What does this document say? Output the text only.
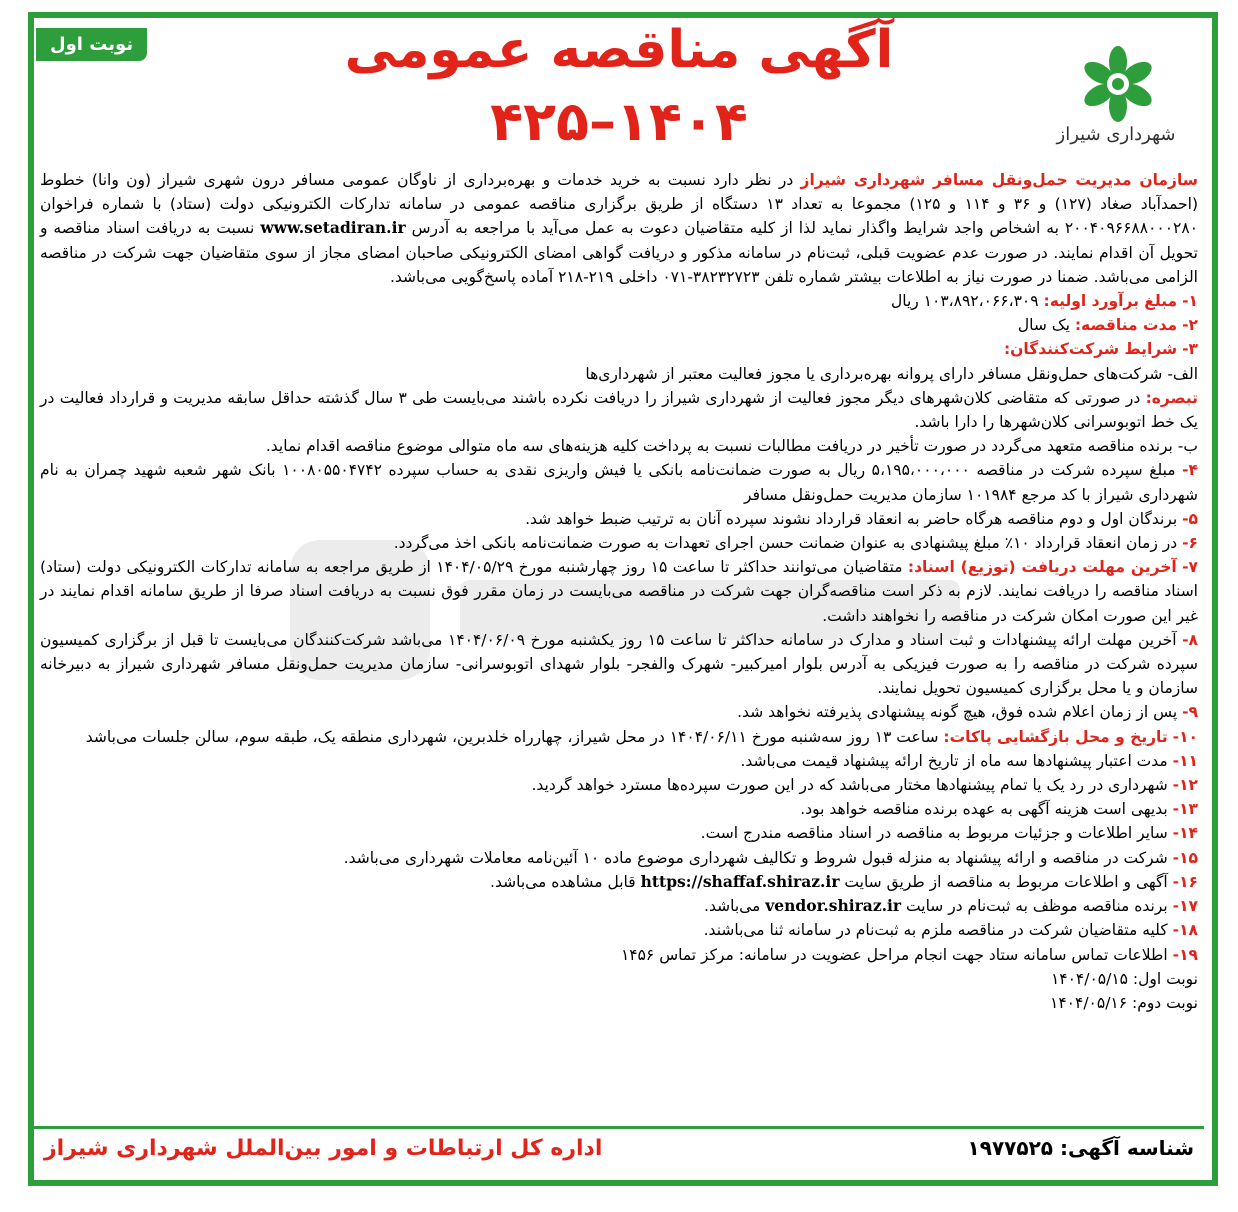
نوبت اول
شهرداری شیراز
آگهی مناقصه عمومی
۴۲۵–۱۴۰۴

سازمان مدیریت حمل‌ونقل مسافر شهرداری شیراز در نظر دارد نسبت به خرید خدمات و بهره‌برداری از ناوگان عمومی مسافر درون شهری شیراز (ون وانا) خطوط (احمدآباد صغاد (۱۲۷) و ۳۶ و ۱۱۴ و ۱۲۵) مجموعا به تعداد ۱۳ دستگاه از طریق برگزاری مناقصه عمومی در سامانه تدارکات الکترونیکی دولت (ستاد) با شماره فراخوان ۲۰۰۴۰۹۶۶۸۸۰۰۰۲۸۰ به اشخاص واجد شرایط واگذار نماید لذا از کلیه متقاضیان دعوت به عمل می‌آید با مراجعه به آدرس www.setadiran.ir نسبت به دریافت اسناد مناقصه و تحویل آن اقدام نمایند. در صورت عدم عضویت قبلی، ثبت‌نام در سامانه مذکور و دریافت گواهی امضای الکترونیکی صاحبان امضای مجاز از سوی متقاضیان جهت شرکت در مناقصه الزامی می‌باشد. ضمنا در صورت نیاز به اطلاعات بیشتر شماره تلفن ۳۸۲۳۲۷۲۳-۰۷۱ داخلی ۲۱۹-۲۱۸ آماده پاسخ‌گویی می‌باشد.

۱- مبلغ برآورد اولیه: ۱۰۳،۸۹۲،۰۶۶،۳۰۹ ریال

۲- مدت مناقصه: یک سال

۳- شرایط شرکت‌کنندگان:

الف- شرکت‌های حمل‌ونقل مسافر دارای پروانه بهره‌برداری یا مجوز فعالیت معتبر از شهرداری‌ها

تبصره: در صورتی که متقاضی کلان‌شهرهای دیگر مجوز فعالیت از شهرداری شیراز را دریافت نکرده باشند می‌بایست طی ۳ سال گذشته حداقل سابقه مدیریت و قرارداد فعالیت در یک خط اتوبوسرانی کلان‌شهرها را دارا باشد.

ب- برنده مناقصه متعهد می‌گردد در صورت تأخیر در دریافت مطالبات نسبت به پرداخت کلیه هزینه‌های سه ماه متوالی موضوع مناقصه اقدام نماید.

۴- مبلغ سپرده شرکت در مناقصه ۵،۱۹۵،۰۰۰،۰۰۰ ریال به صورت ضمانت‌نامه بانکی یا فیش واریزی نقدی به حساب سپرده ۱۰۰۸۰۵۵۰۴۷۴۲ بانک شهر شعبه شهید چمران به نام شهرداری شیراز با کد مرجع ۱۰۱۹۸۴ سازمان مدیریت حمل‌ونقل مسافر

۵- برندگان اول و دوم مناقصه هرگاه حاضر به انعقاد قرارداد نشوند سپرده آنان به ترتیب ضبط خواهد شد.

۶- در زمان انعقاد قرارداد ۱۰٪ مبلغ پیشنهادی به عنوان ضمانت حسن اجرای تعهدات به صورت ضمانت‌نامه بانکی اخذ می‌گردد.

۷- آخرین مهلت دریافت (توزیع) اسناد: متقاضیان می‌توانند حداکثر تا ساعت ۱۵ روز چهارشنبه مورخ ۱۴۰۴/۰۵/۲۹ از طریق مراجعه به سامانه تدارکات الکترونیکی دولت (ستاد) اسناد مناقصه را دریافت نمایند. لازم به ذکر است مناقصه‌گران جهت شرکت در مناقصه می‌بایست در زمان مقرر فوق نسبت به دریافت اسناد صرفا از طریق سامانه اقدام نمایند در غیر این صورت امکان شرکت در مناقصه را نخواهند داشت.

۸- آخرین مهلت ارائه پیشنهادات و ثبت اسناد و مدارک در سامانه حداکثر تا ساعت ۱۵ روز یکشنبه مورخ ۱۴۰۴/۰۶/۰۹ می‌باشد شرکت‌کنندگان می‌بایست تا قبل از برگزاری کمیسیون سپرده شرکت در مناقصه را به صورت فیزیکی به آدرس بلوار امیرکبیر- شهرک والفجر- بلوار شهدای اتوبوسرانی- سازمان مدیریت حمل‌ونقل مسافر شهرداری شیراز به دبیرخانه سازمان و یا محل برگزاری کمیسیون تحویل نمایند.

۹- پس از زمان اعلام شده فوق، هیچ گونه پیشنهادی پذیرفته نخواهد شد.

۱۰- تاریخ و محل بازگشایی پاکات: ساعت ۱۳ روز سه‌شنبه مورخ ۱۴۰۴/۰۶/۱۱ در محل شیراز، چهارراه خلدبرین، شهرداری منطقه یک، طبقه سوم، سالن جلسات می‌باشد

۱۱- مدت اعتبار پیشنهادها سه ماه از تاریخ ارائه پیشنهاد قیمت می‌باشد.

۱۲- شهرداری در رد یک یا تمام پیشنهادها مختار می‌باشد که در این صورت سپرده‌ها مسترد خواهد گردید.

۱۳- بدیهی است هزینه آگهی به عهده برنده مناقصه خواهد بود.

۱۴- سایر اطلاعات و جزئیات مربوط به مناقصه در اسناد مناقصه مندرج است.

۱۵- شرکت در مناقصه و ارائه پیشنهاد به منزله قبول شروط و تکالیف شهرداری موضوع ماده ۱۰ آئین‌نامه معاملات شهرداری می‌باشد.

۱۶- آگهی و اطلاعات مربوط به مناقصه از طریق سایت https://shaffaf.shiraz.ir قابل مشاهده می‌باشد.

۱۷- برنده مناقصه موظف به ثبت‌نام در سایت vendor.shiraz.ir می‌باشد.

۱۸- کلیه متقاضیان شرکت در مناقصه ملزم به ثبت‌نام در سامانه ثنا می‌باشند.

۱۹- اطلاعات تماس سامانه ستاد جهت انجام مراحل عضویت در سامانه: مرکز تماس ۱۴۵۶

نوبت اول: ۱۴۰۴/۰۵/۱۵

نوبت دوم: ۱۴۰۴/۰۵/۱۶

شناسه آگهی: ۱۹۷۷۵۲۵
اداره کل ارتباطات و امور بین‌الملل شهرداری شیراز
